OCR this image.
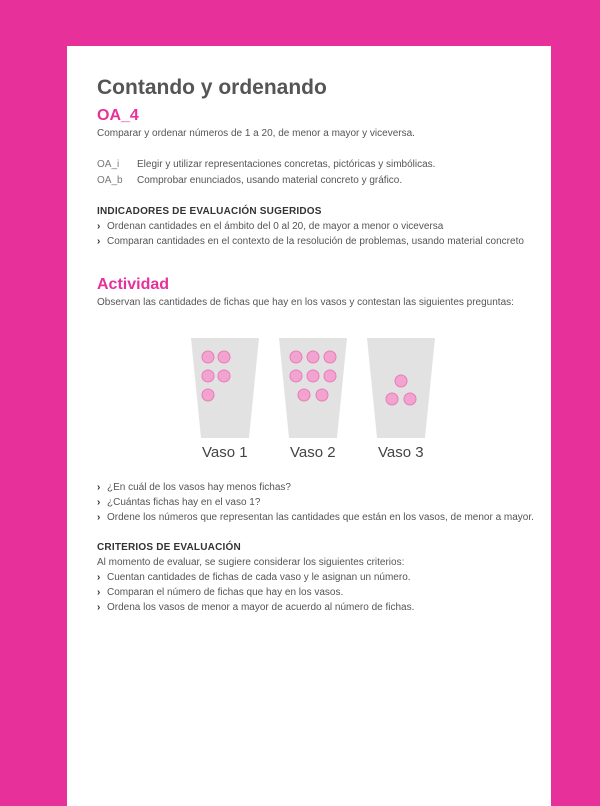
Contando y ordenando
OA_4
Comparar y ordenar números de 1 a 20, de menor a mayor y viceversa.
OA_i Elegir y utilizar representaciones concretas, pictóricas y simbólicas.
OA_b Comprobar enunciados, usando material concreto y gráfico.
INDICADORES DE EVALUACIÓN SUGERIDOS
› Ordenan cantidades en el ámbito del 0 al 20, de mayor a menor o viceversa
› Comparan cantidades en el contexto de la resolución de problemas, usando material concreto
Actividad
Observan las cantidades de fichas que hay en los vasos y contestan las siguientes preguntas:
Vaso 1	Vaso 2	Vaso 3
› ¿En cuál de los vasos hay menos fichas?
› ¿Cuántas fichas hay en el vaso 1?
› Ordene los números que representan las cantidades que están en los vasos, de menor a mayor.
CRITERIOS DE EVALUACIÓN
Al momento de evaluar, se sugiere considerar los siguientes criterios:
› Cuentan cantidades de fichas de cada vaso y le asignan un número.
› Comparan el número de fichas que hay en los vasos.
› Ordena los vasos de menor a mayor de acuerdo al número de fichas.
